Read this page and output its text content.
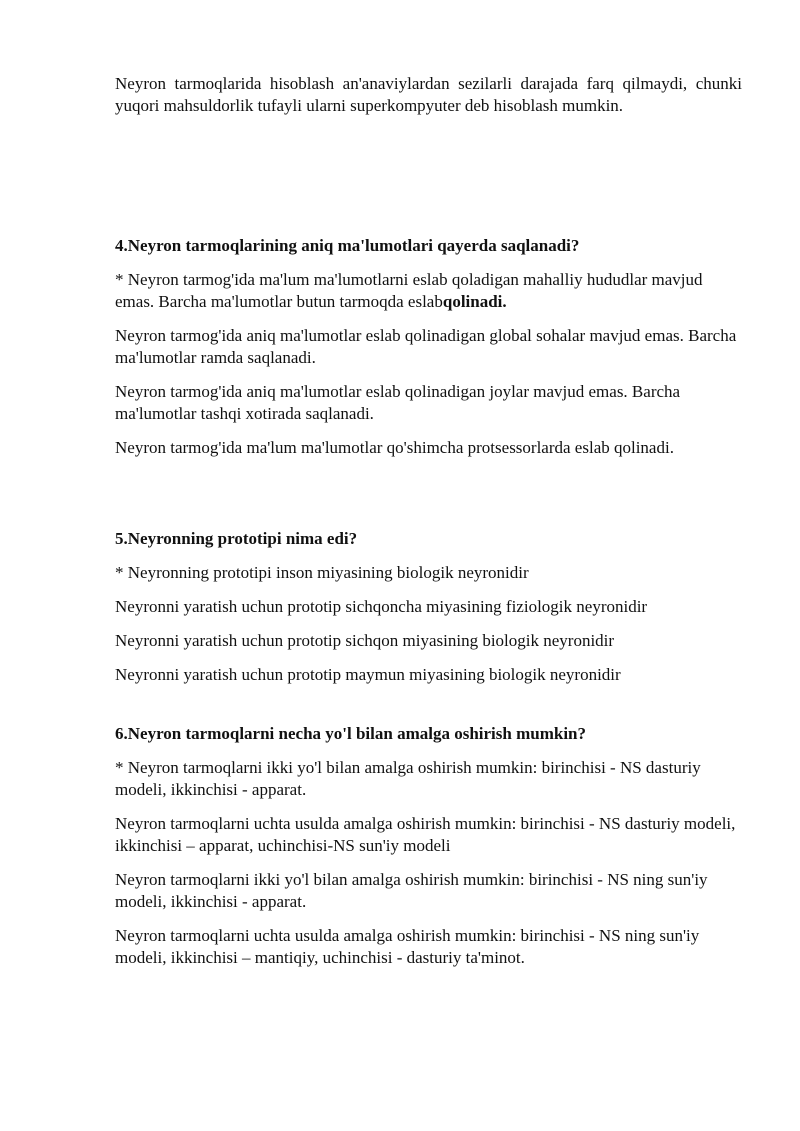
Neyron tarmoqlarida hisoblash an'anaviylardan sezilarli darajada farq qilmaydi, chunki yuqori mahsuldorlik tufayli ularni superkompyuter deb hisoblash mumkin.

4.Neyron tarmoqlarining aniq ma'lumotlari qayerda saqlanadi?

* Neyron tarmog'ida ma'lum ma'lumotlarni eslab qoladigan mahalliy hududlar mavjud emas. Barcha ma'lumotlar butun tarmoqda eslabqolinadi.

Neyron tarmog'ida aniq ma'lumotlar eslab qolinadigan global sohalar mavjud emas. Barcha ma'lumotlar ramda saqlanadi.

Neyron tarmog'ida aniq ma'lumotlar eslab qolinadigan joylar mavjud emas. Barcha ma'lumotlar tashqi xotirada saqlanadi.

Neyron tarmog'ida ma'lum ma'lumotlar qo'shimcha protsessorlarda eslab qolinadi.

5.Neyronning prototipi nima edi?

* Neyronning prototipi inson miyasining biologik neyronidir

Neyronni yaratish uchun prototip sichqoncha miyasining fiziologik neyronidir

Neyronni yaratish uchun prototip sichqon miyasining biologik neyronidir

Neyronni yaratish uchun prototip maymun miyasining biologik neyronidir

6.Neyron tarmoqlarni necha yo'l bilan amalga oshirish mumkin?

* Neyron tarmoqlarni ikki yo'l bilan amalga oshirish mumkin: birinchisi - NS dasturiy modeli, ikkinchisi - apparat.

Neyron tarmoqlarni uchta usulda amalga oshirish mumkin: birinchisi - NS dasturiy modeli, ikkinchisi – apparat, uchinchisi-NS sun'iy modeli

Neyron tarmoqlarni ikki yo'l bilan amalga oshirish mumkin: birinchisi - NS ning sun'iy modeli, ikkinchisi - apparat.

Neyron tarmoqlarni uchta usulda amalga oshirish mumkin: birinchisi - NS ning sun'iy modeli, ikkinchisi – mantiqiy, uchinchisi - dasturiy ta'minot.
